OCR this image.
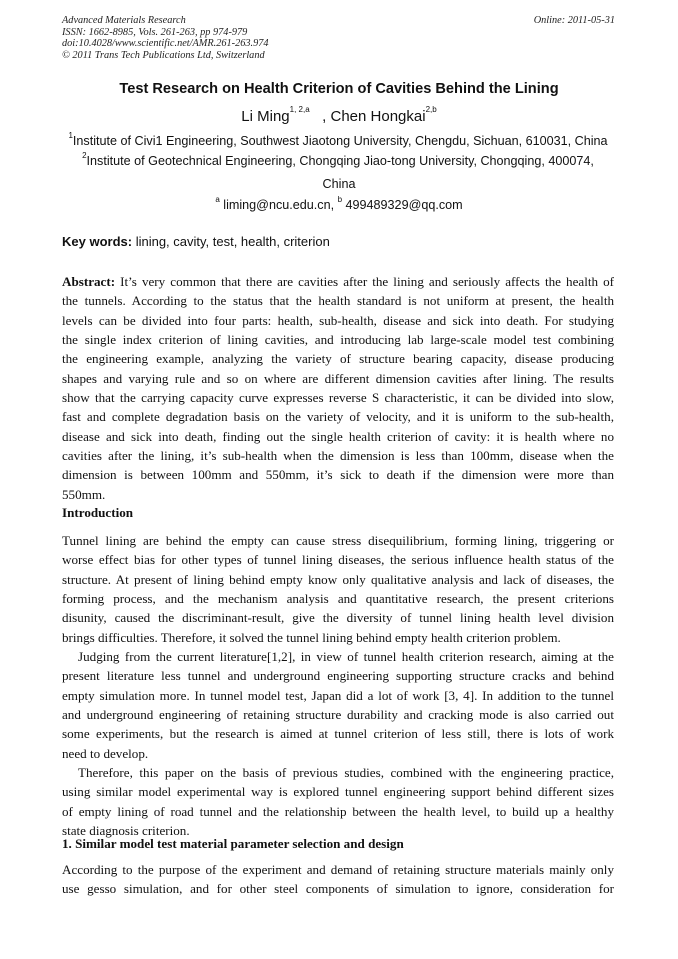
Advanced Materials Research
ISSN: 1662-8985, Vols. 261-263, pp 974-979
doi:10.4028/www.scientific.net/AMR.261-263.974
© 2011 Trans Tech Publications Ltd, Switzerland
Online: 2011-05-31
Test Research on Health Criterion of Cavities Behind the Lining
Li Ming$^{1, 2,a}$   , Chen Hongkai$^{2,b}$
$^1$Institute of Civi1 Engineering, Southwest Jiaotong University, Chengdu, Sichuan, 610031, China
$^2$Institute of Geotechnical Engineering, Chongqing Jiao-tong University, Chongqing, 400074,
China
$^a$ liming@ncu.edu.cn, $^b$ 499489329@qq.com
Key words: lining, cavity, test, health, criterion
Abstract: It’s very common that there are cavities after the lining and seriously affects the health of
the tunnels. According to the status that the health standard is not uniform at present, the health
levels can be divided into four parts: health, sub-health, disease and sick into death. For studying
the single index criterion of lining cavities, and introducing lab large-scale model test combining
the engineering example, analyzing the variety of structure bearing capacity, disease producing
shapes and varying rule and so on where are different dimension cavities after lining. The results
show that the carrying capacity curve expresses reverse S characteristic, it can be divided into slow,
fast and complete degradation basis on the variety of velocity, and it is uniform to the sub-health,
disease and sick into death, finding out the single health criterion of cavity: it is health where no
cavities after the lining, it’s sub-health when the dimension is less than 100mm, disease when the
dimension is between 100mm and 550mm, it’s sick to death if the dimension were more than
550mm.
Introduction
Tunnel lining are behind the empty can cause stress disequilibrium, forming lining, triggering or
worse effect bias for other types of tunnel lining diseases, the serious influence health status of the
structure. At present of lining behind empty know only qualitative analysis and lack of diseases, the
forming process, and the mechanism analysis and quantitative research, the present criterions
disunity, caused the discriminant-result, give the diversity of tunnel lining health level division
brings difficulties. Therefore, it solved the tunnel lining behind empty health criterion problem.
Judging from the current literature[1,2], in view of tunnel health criterion research, aiming at the
present literature less tunnel and underground engineering supporting structure cracks and behind
empty simulation more. In tunnel model test, Japan did a lot of work [3, 4]. In addition to the tunnel
and underground engineering of retaining structure durability and cracking mode is also carried out
some experiments, but the research is aimed at tunnel criterion of less still, there is lots of work
need to develop.
Therefore, this paper on the basis of previous studies, combined with the engineering practice,
using similar model experimental way is explored tunnel engineering support behind different sizes
of empty lining of road tunnel and the relationship between the health level, to build up a healthy
state diagnosis criterion.
1. Similar model test material parameter selection and design
According to the purpose of the experiment and demand of retaining structure materials mainly only
use gesso simulation, and for other steel components of simulation to ignore, consideration for
